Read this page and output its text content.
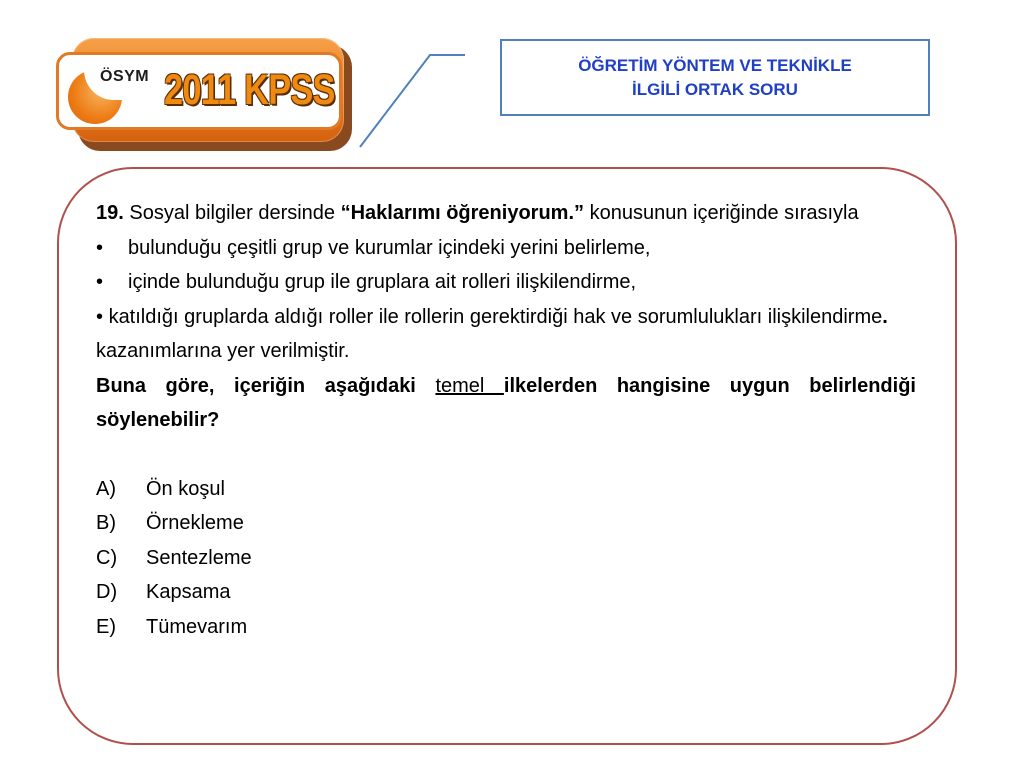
ÖSYM 2011 KPSS
ÖĞRETİM YÖNTEM VE TEKNİKLE
İLGİLİ ORTAK SORU

19. Sosyal bilgiler dersinde “Haklarımı öğreniyorum.” konusunun içeriğinde sırasıyla

•	bulunduğu çeşitli grup ve kurumlar içindeki yerini belirleme,
•	içinde bulunduğu grup ile gruplara ait rolleri ilişkilendirme,

• katıldığı gruplarda aldığı roller ile rollerin gerektirdiği hak ve sorumlulukları ilişkilendirme.

kazanımlarına yer verilmiştir.

Buna göre, içeriğin aşağıdaki temel ilkelerden hangisine uygun belirlendiği söylenebilir?

A)	Ön koşul
B)	Örnekleme
C)	Sentezleme
D)	Kapsama
E)	Tümevarım
